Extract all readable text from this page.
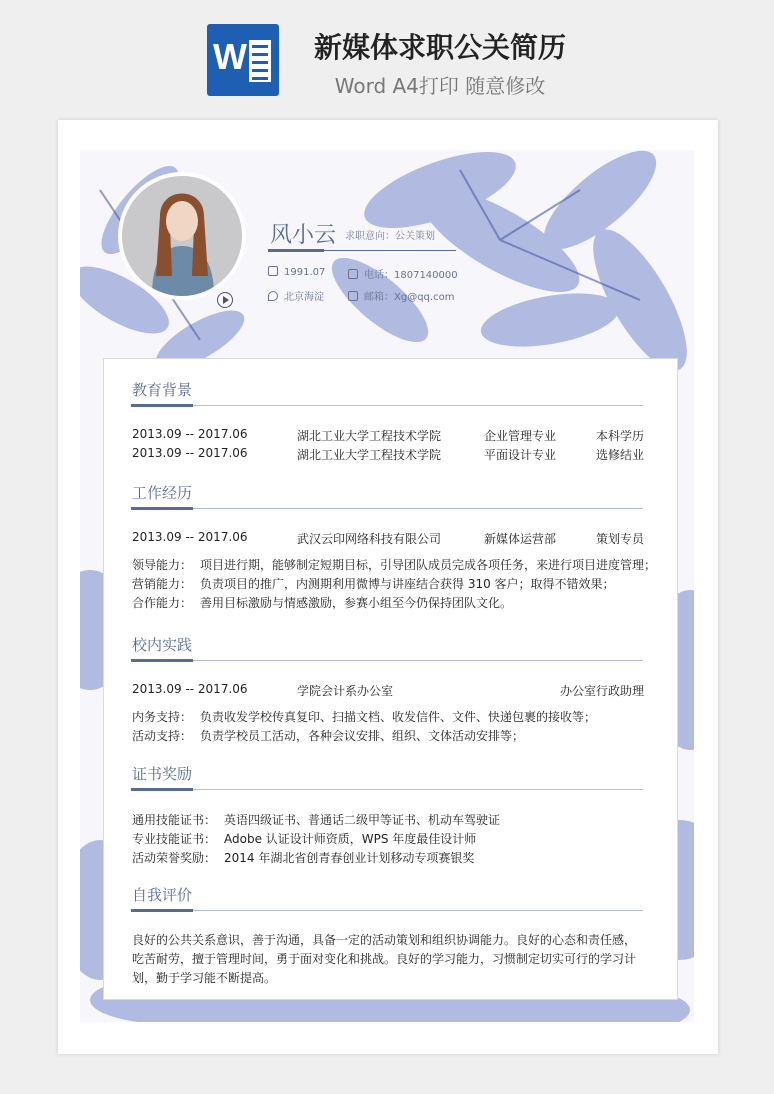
W	新媒体求职公关简历
Word A4打印 随意修改
风小云 求职意向：公关策划
1991.07	电话：1807140000
北京海淀	邮箱：Xg@qq.com
教育背景
2013.09 -- 2017.06	湖北工业大学工程技术学院	企业管理专业	本科学历
2013.09 -- 2017.06	湖北工业大学工程技术学院	平面设计专业	选修结业
工作经历
2013.09 -- 2017.06	武汉云印网络科技有限公司	新媒体运营部	策划专员
领导能力： 项目进行期，能够制定短期目标，引导团队成员完成各项任务，来进行项目进度管理；
营销能力： 负责项目的推广，内测期利用微博与讲座结合获得 310 客户；取得不错效果；
合作能力： 善用目标激励与情感激励，参赛小组至今仍保持团队文化。
校内实践
2013.09 -- 2017.06	学院会计系办公室	办公室行政助理
内务支持： 负责收发学校传真复印、扫描文档、收发信件、文件、快递包裹的接收等；
活动支持： 负责学校员工活动，各种会议安排、组织、文体活动安排等；
证书奖励
通用技能证书： 英语四级证书、普通话二级甲等证书、机动车驾驶证
专业技能证书： Adobe 认证设计师资质，WPS 年度最佳设计师
活动荣誉奖励： 2014 年湖北省创青春创业计划移动专项赛银奖
自我评价
良好的公共关系意识，善于沟通，具备一定的活动策划和组织协调能力。良好的心态和责任感，吃苦耐劳，擅于管理时间，勇于面对变化和挑战。良好的学习能力，习惯制定切实可行的学习计划，勤于学习能不断提高。
